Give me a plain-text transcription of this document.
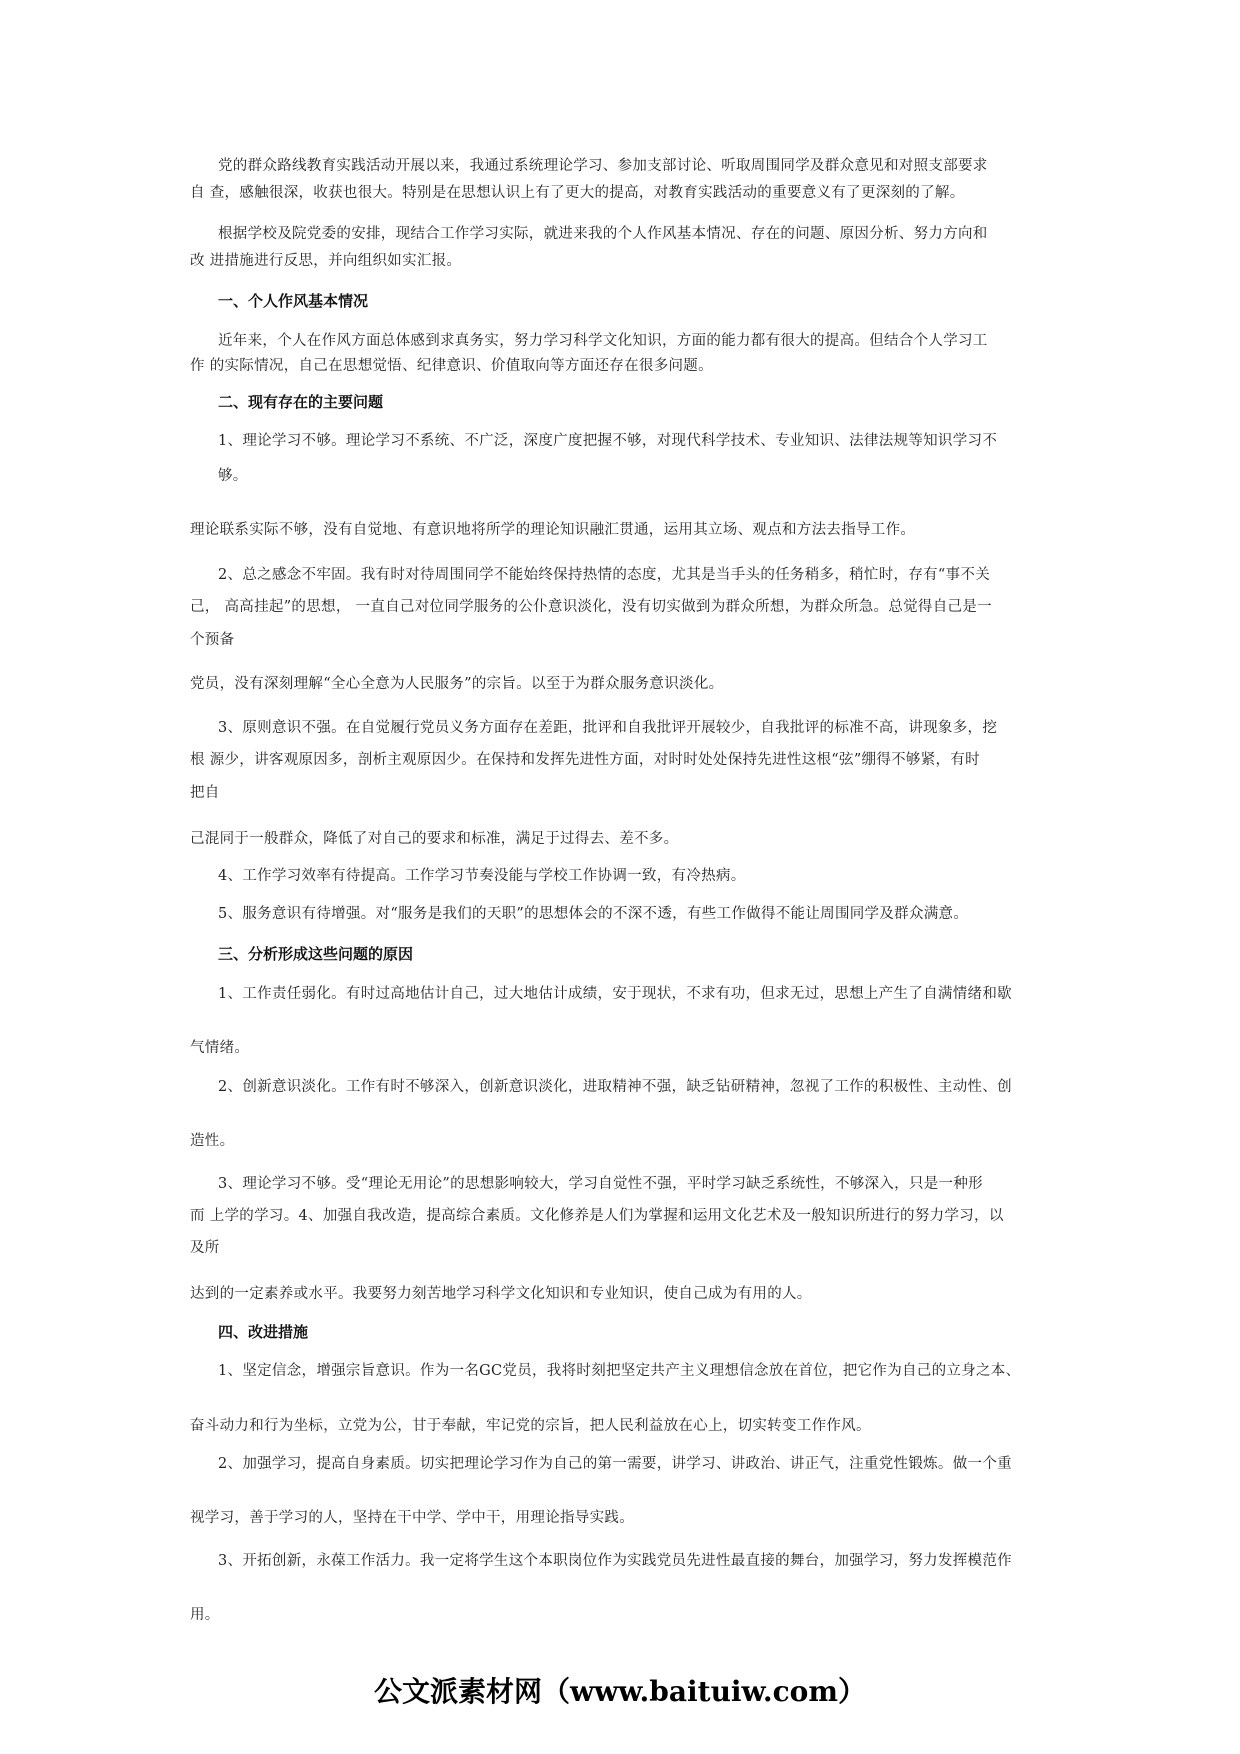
党的群众路线教育实践活动开展以来，我通过系统理论学习、参加支部讨论、听取周围同学及群众意见和对照支部要求
自 查，感触很深，收获也很大。特别是在思想认识上有了更大的提高，对教育实践活动的重要意义有了更深刻的了解。
根据学校及院党委的安排，现结合工作学习实际，就进来我的个人作风基本情况、存在的问题、原因分析、努力方向和
改 进措施进行反思，并向组织如实汇报。
一、个人作风基本情况
近年来，个人在作风方面总体感到求真务实，努力学习科学文化知识，方面的能力都有很大的提高。但结合个人学习工
作 的实际情况，自己在思想觉悟、纪律意识、价值取向等方面还存在很多问题。
二、现有存在的主要问题
1、理论学习不够。理论学习不系统、不广泛，深度广度把握不够，对现代科学技术、专业知识、法律法规等知识学习不
够。
理论联系实际不够，没有自觉地、有意识地将所学的理论知识融汇贯通，运用其立场、观点和方法去指导工作。
2、总之感念不牢固。我有时对待周围同学不能始终保持热情的态度，尤其是当手头的任务稍多，稍忙时，存有“事不关
己， 高高挂起”的思想， 一直自己对位同学服务的公仆意识淡化，没有切实做到为群众所想，为群众所急。总觉得自己是一
个预备
党员，没有深刻理解“全心全意为人民服务”的宗旨。以至于为群众服务意识淡化。
3、原则意识不强。在自觉履行党员义务方面存在差距，批评和自我批评开展较少，自我批评的标准不高，讲现象多，挖
根 源少，讲客观原因多，剖析主观原因少。在保持和发挥先进性方面，对时时处处保持先进性这根“弦”绷得不够紧，有时
把自
己混同于一般群众，降低了对自己的要求和标准，满足于过得去、差不多。
4、工作学习效率有待提高。工作学习节奏没能与学校工作协调一致，有冷热病。
5、服务意识有待增强。对“服务是我们的天职”的思想体会的不深不透，有些工作做得不能让周围同学及群众满意。
三、分析形成这些问题的原因
1、工作责任弱化。有时过高地估计自己，过大地估计成绩，安于现状，不求有功，但求无过，思想上产生了自满情绪和歇
气情绪。
2、创新意识淡化。工作有时不够深入，创新意识淡化，进取精神不强，缺乏钻研精神，忽视了工作的积极性、主动性、创
造性。
3、理论学习不够。受“理论无用论”的思想影响较大，学习自觉性不强，平时学习缺乏系统性，不够深入，只是一种形
而 上学的学习。4、加强自我改造，提高综合素质。文化修养是人们为掌握和运用文化艺术及一般知识所进行的努力学习，以
及所
达到的一定素养或水平。我要努力刻苦地学习科学文化知识和专业知识，使自己成为有用的人。
四、改进措施
1、坚定信念，增强宗旨意识。作为一名GC党员，我将时刻把坚定共产主义理想信念放在首位，把它作为自己的立身之本、
奋斗动力和行为坐标，立党为公，甘于奉献，牢记党的宗旨，把人民利益放在心上，切实转变工作作风。
2、加强学习，提高自身素质。切实把理论学习作为自己的第一需要，讲学习、讲政治、讲正气，注重党性锻炼。做一个重
视学习，善于学习的人，坚持在干中学、学中干，用理论指导实践。
3、开拓创新，永葆工作活力。我一定将学生这个本职岗位作为实践党员先进性最直接的舞台，加强学习，努力发挥模范作
用。
公文派素材网（www.baituiw.com）
